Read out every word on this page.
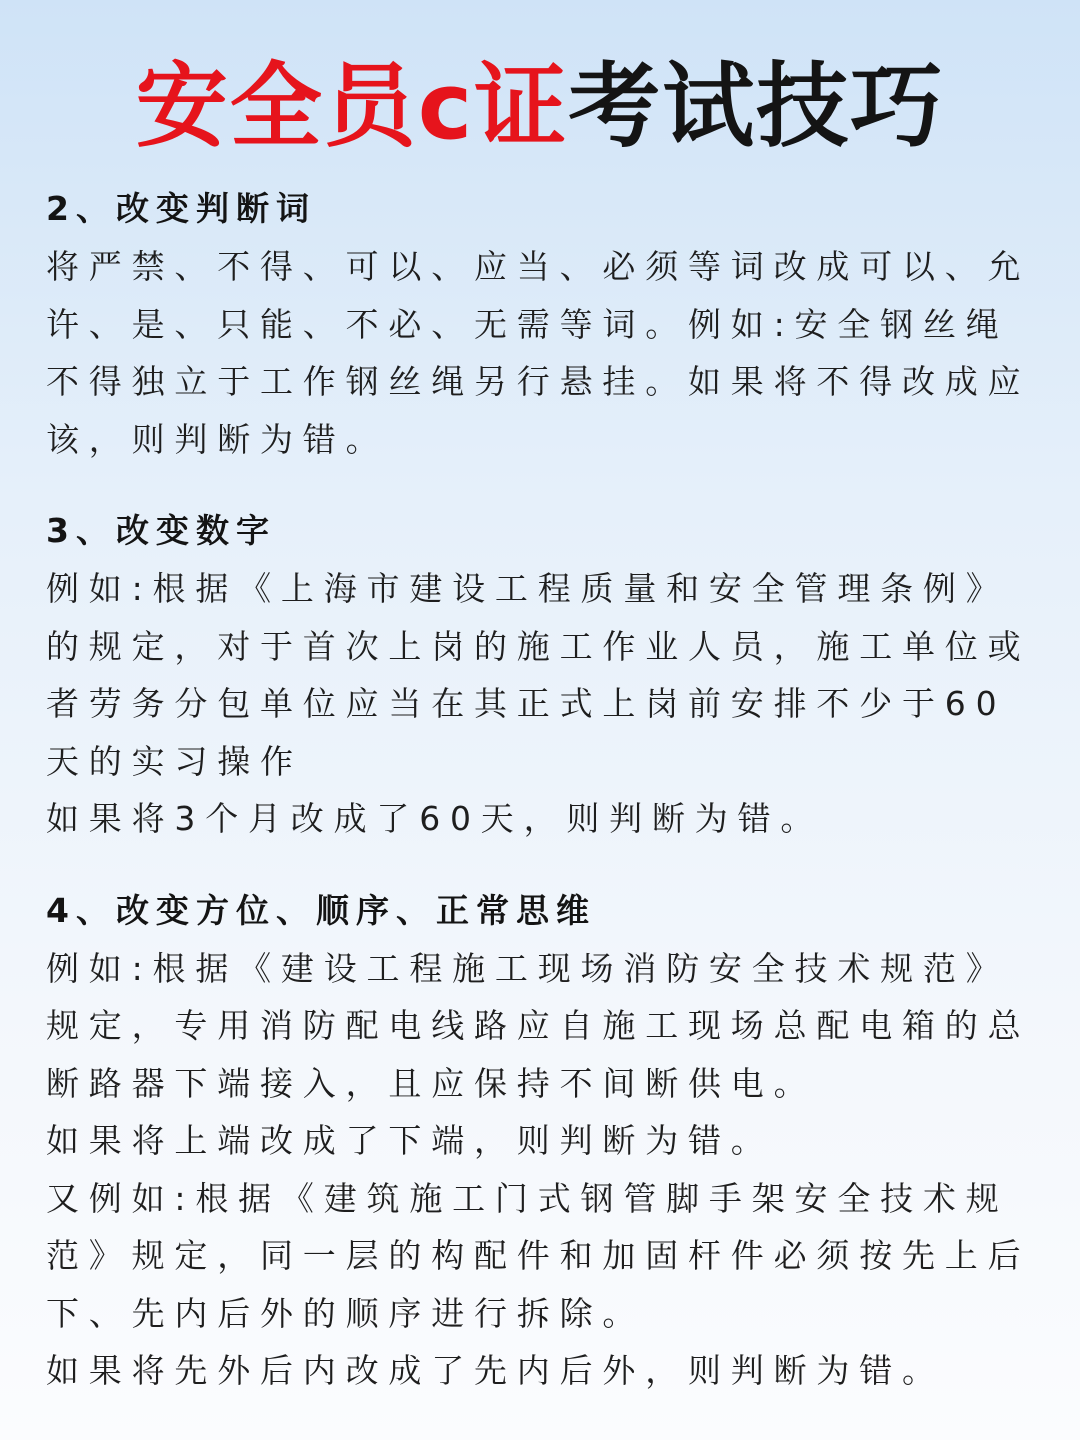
安全员c证考试技巧
2、改变判断词
将严禁、不得、可以、应当、必须等词改成可以、允
许、是、只能、不必、无需等词。例如:安全钢丝绳
不得独立于工作钢丝绳另行悬挂。如果将不得改成应
该，则判断为错。
3、改变数字
例如:根据《上海市建设工程质量和安全管理条例》
的规定，对于首次上岗的施工作业人员，施工单位或
者劳务分包单位应当在其正式上岗前安排不少于60
天的实习操作
如果将3个月改成了60天，则判断为错。
4、改变方位、顺序、正常思维
例如:根据《建设工程施工现场消防安全技术规范》
规定，专用消防配电线路应自施工现场总配电箱的总
断路器下端接入，且应保持不间断供电。
如果将上端改成了下端，则判断为错。
又例如:根据《建筑施工门式钢管脚手架安全技术规
范》规定，同一层的构配件和加固杆件必须按先上后
下、先内后外的顺序进行拆除。
如果将先外后内改成了先内后外，则判断为错。
